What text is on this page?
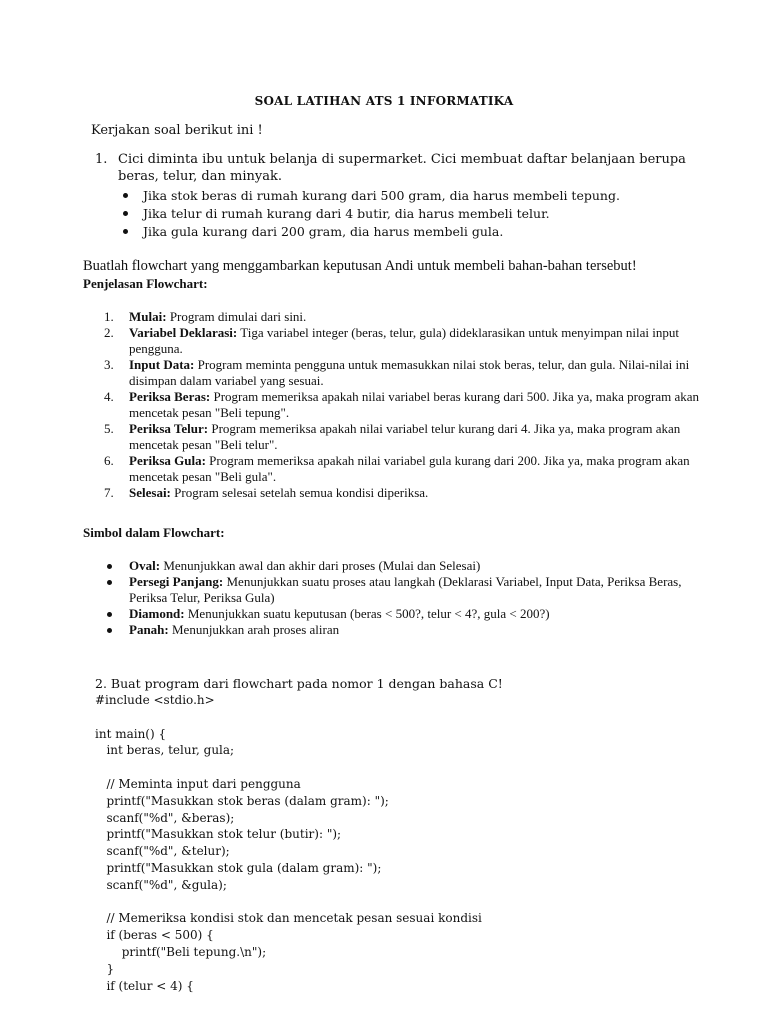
SOAL LATIHAN ATS 1 INFORMATIKA
Kerjakan soal berikut ini !
1. Cici diminta ibu untuk belanja di supermarket. Cici membuat daftar belanjaan berupa beras, telur, dan minyak.
Jika stok beras di rumah kurang dari 500 gram, dia harus membeli tepung.
Jika telur di rumah kurang dari 4 butir, dia harus membeli telur.
Jika gula kurang dari 200 gram, dia harus membeli gula.
Buatlah flowchart yang menggambarkan keputusan Andi untuk membeli bahan-bahan tersebut!
Penjelasan Flowchart:
1. Mulai: Program dimulai dari sini.
2. Variabel Deklarasi: Tiga variabel integer (beras, telur, gula) dideklarasikan untuk menyimpan nilai input pengguna.
3. Input Data: Program meminta pengguna untuk memasukkan nilai stok beras, telur, dan gula. Nilai-nilai ini disimpan dalam variabel yang sesuai.
4. Periksa Beras: Program memeriksa apakah nilai variabel beras kurang dari 500. Jika ya, maka program akan mencetak pesan "Beli tepung".
5. Periksa Telur: Program memeriksa apakah nilai variabel telur kurang dari 4. Jika ya, maka program akan mencetak pesan "Beli telur".
6. Periksa Gula: Program memeriksa apakah nilai variabel gula kurang dari 200. Jika ya, maka program akan mencetak pesan "Beli gula".
7. Selesai: Program selesai setelah semua kondisi diperiksa.
Simbol dalam Flowchart:
Oval: Menunjukkan awal dan akhir dari proses (Mulai dan Selesai)
Persegi Panjang: Menunjukkan suatu proses atau langkah (Deklarasi Variabel, Input Data, Periksa Beras, Periksa Telur, Periksa Gula)
Diamond: Menunjukkan suatu keputusan (beras < 500?, telur < 4?, gula < 200?)
Panah: Menunjukkan arah proses aliran
2. Buat program dari flowchart pada nomor 1 dengan bahasa C!
#include <stdio.h>

int main() {
int beras, telur, gula;

// Meminta input dari pengguna
printf("Masukkan stok beras (dalam gram): ");
scanf("%d", &beras);
printf("Masukkan stok telur (butir): ");
scanf("%d", &telur);
printf("Masukkan stok gula (dalam gram): ");
scanf("%d", &gula);

// Memeriksa kondisi stok dan mencetak pesan sesuai kondisi
if (beras < 500) {
printf("Beli tepung.\n");
}
if (telur < 4) {
